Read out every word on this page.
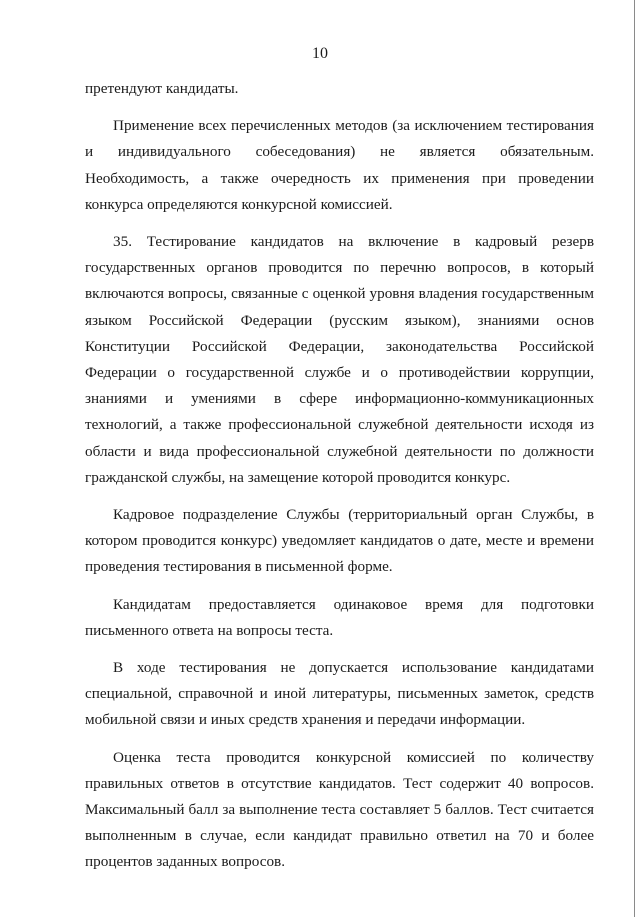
10

претендуют кандидаты.

Применение всех перечисленных методов (за исключением тестирования и индивидуального собеседования) не является обязательным. Необходимость, а также очередность их применения при проведении конкурса определяются конкурсной комиссией.

35. Тестирование кандидатов на включение в кадровый резерв государственных органов проводится по перечню вопросов, в который включаются вопросы, связанные с оценкой уровня владения государственным языком Российской Федерации (русским языком), знаниями основ Конституции Российской Федерации, законодательства Российской Федерации о государственной службе и о противодействии коррупции, знаниями и умениями в сфере информационно-коммуникационных технологий, а также профессиональной служебной деятельности исходя из области и вида профессиональной служебной деятельности по должности гражданской службы, на замещение которой проводится конкурс.

Кадровое подразделение Службы (территориальный орган Службы, в котором проводится конкурс) уведомляет кандидатов о дате, месте и времени проведения тестирования в письменной форме.

Кандидатам предоставляется одинаковое время для подготовки письменного ответа на вопросы теста.

В ходе тестирования не допускается использование кандидатами специальной, справочной и иной литературы, письменных заметок, средств мобильной связи и иных средств хранения и передачи информации.

Оценка теста проводится конкурсной комиссией по количеству правильных ответов в отсутствие кандидатов. Тест содержит 40 вопросов. Максимальный балл за выполнение теста составляет 5 баллов. Тест считается выполненным в случае, если кандидат правильно ответил на 70 и более процентов заданных вопросов.
